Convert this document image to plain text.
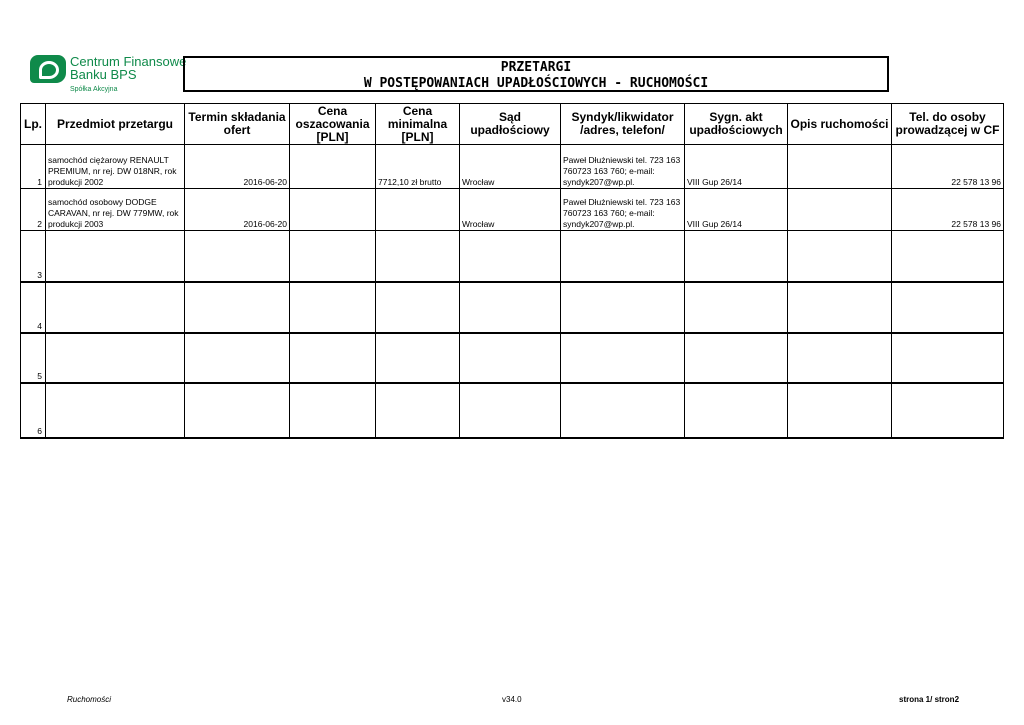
Centrum Finansowe
Banku BPS
Spółka Akcyjna
PRZETARGI
W POSTĘPOWANIACH UPADŁOŚCIOWYCH - RUCHOMOŚCI
Lp.	Przedmiot przetargu	Termin składania ofert	Cena oszacowania [PLN]	Cena minimalna [PLN]	Sąd upadłościowy	Syndyk/likwidator /adres, telefon/	Sygn. akt upadłościowych	Opis ruchomości	Tel. do osoby prowadzącej w CF
1	samochód ciężarowy RENAULT PREMIUM, nr rej. DW 018NR, rok produkcji 2002	2016-06-20		7712,10 zł brutto	Wrocław	Paweł Dłużniewski tel. 723 163 760723 163 760; e-mail: syndyk207@wp.pl.	VIII Gup 26/14		22 578 13 96
2	samochód osobowy DODGE CARAVAN, nr rej. DW 779MW, rok produkcji 2003	2016-06-20			Wrocław	Paweł Dłużniewski tel. 723 163 760723 163 760; e-mail: syndyk207@wp.pl.	VIII Gup 26/14		22 578 13 96
3									
4									
5									
6									
Ruchomości	v34.0	strona 1/ stron2
